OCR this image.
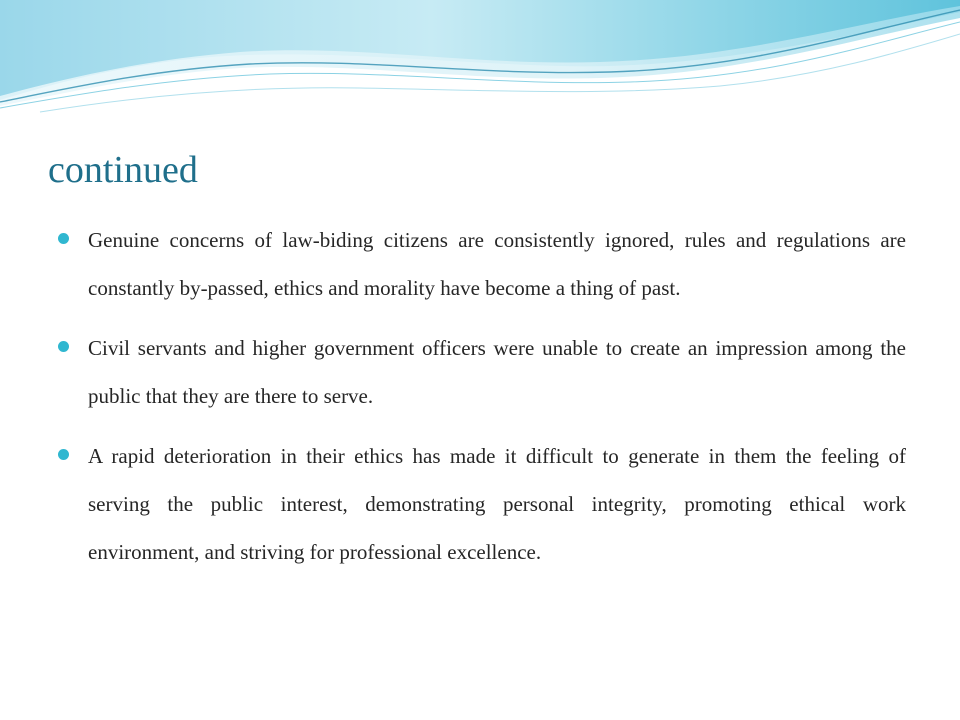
continued
Genuine concerns of law-biding citizens are consistently ignored, rules and regulations are constantly by-passed, ethics and morality have become a thing of past.
Civil servants and higher government officers were unable to create an impression among the public that they are there to serve.
A rapid deterioration in their ethics has made it difficult to generate in them the feeling of serving the public interest, demonstrating personal integrity, promoting ethical work environment, and striving for professional excellence.
